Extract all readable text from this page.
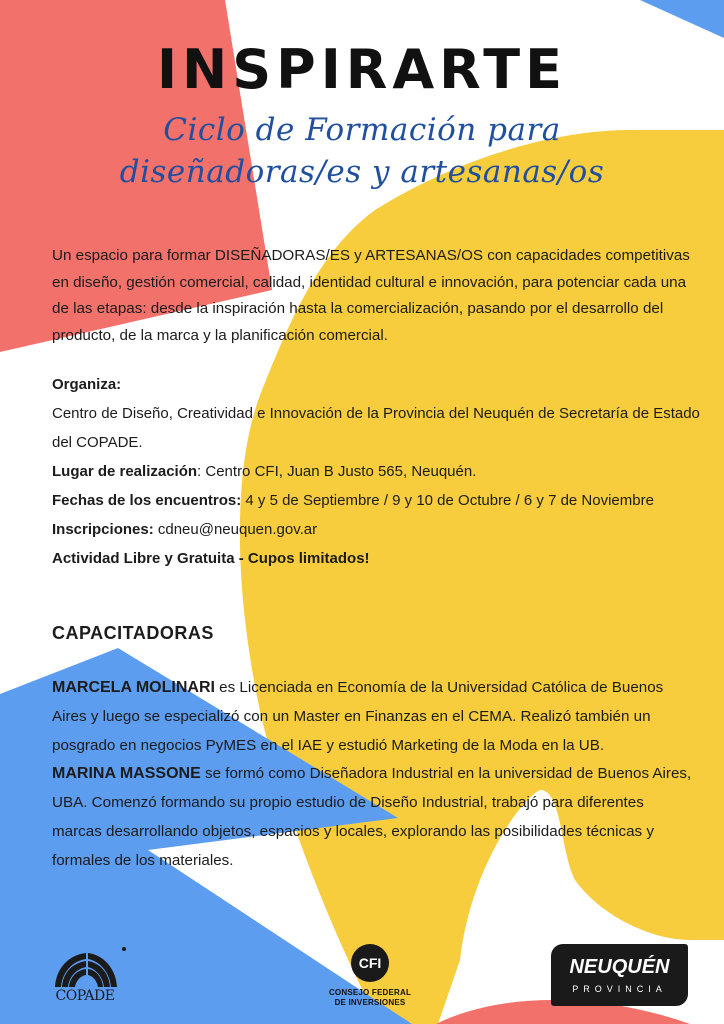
INSPIRARTE
Ciclo de Formación para
diseñadoras/es y artesanas/os
Un espacio para formar DISEÑADORAS/ES y ARTESANAS/OS con capacidades competitivas en diseño, gestión comercial, calidad, identidad cultural e innovación, para potenciar cada una de las etapas: desde la inspiración hasta la comercialización, pasando por el desarrollo del producto, de la marca y la planificación comercial.
Organiza:
Centro de Diseño, Creatividad e Innovación de la Provincia del Neuquén de Secretaría de Estado
del COPADE.
Lugar de realización: Centro CFI, Juan B Justo 565, Neuquén.
Fechas de los encuentros: 4 y 5 de Septiembre / 9 y 10 de Octubre / 6 y 7 de Noviembre
Inscripciones: cdneu@neuquen.gov.ar
Actividad Libre y Gratuita - Cupos limitados!
CAPACITADORAS
MARCELA MOLINARI es Licenciada en Economía de la Universidad Católica de Buenos Aires y luego se especializó con un Master en Finanzas en el CEMA. Realizó también un posgrado en negocios PyMES en el IAE y estudió Marketing de la Moda en la UB.
MARINA MASSONE se formó como Diseñadora Industrial en la universidad de Buenos Aires, UBA. Comenzó formando su propio estudio de Diseño Industrial, trabajó para diferentes marcas desarrollando objetos, espacios y locales, explorando las posibilidades técnicas y formales de los materiales.
COPADE
CFI
CONSEJO FEDERAL
DE INVERSIONES
NEUQUÉN
PROVINCIA
